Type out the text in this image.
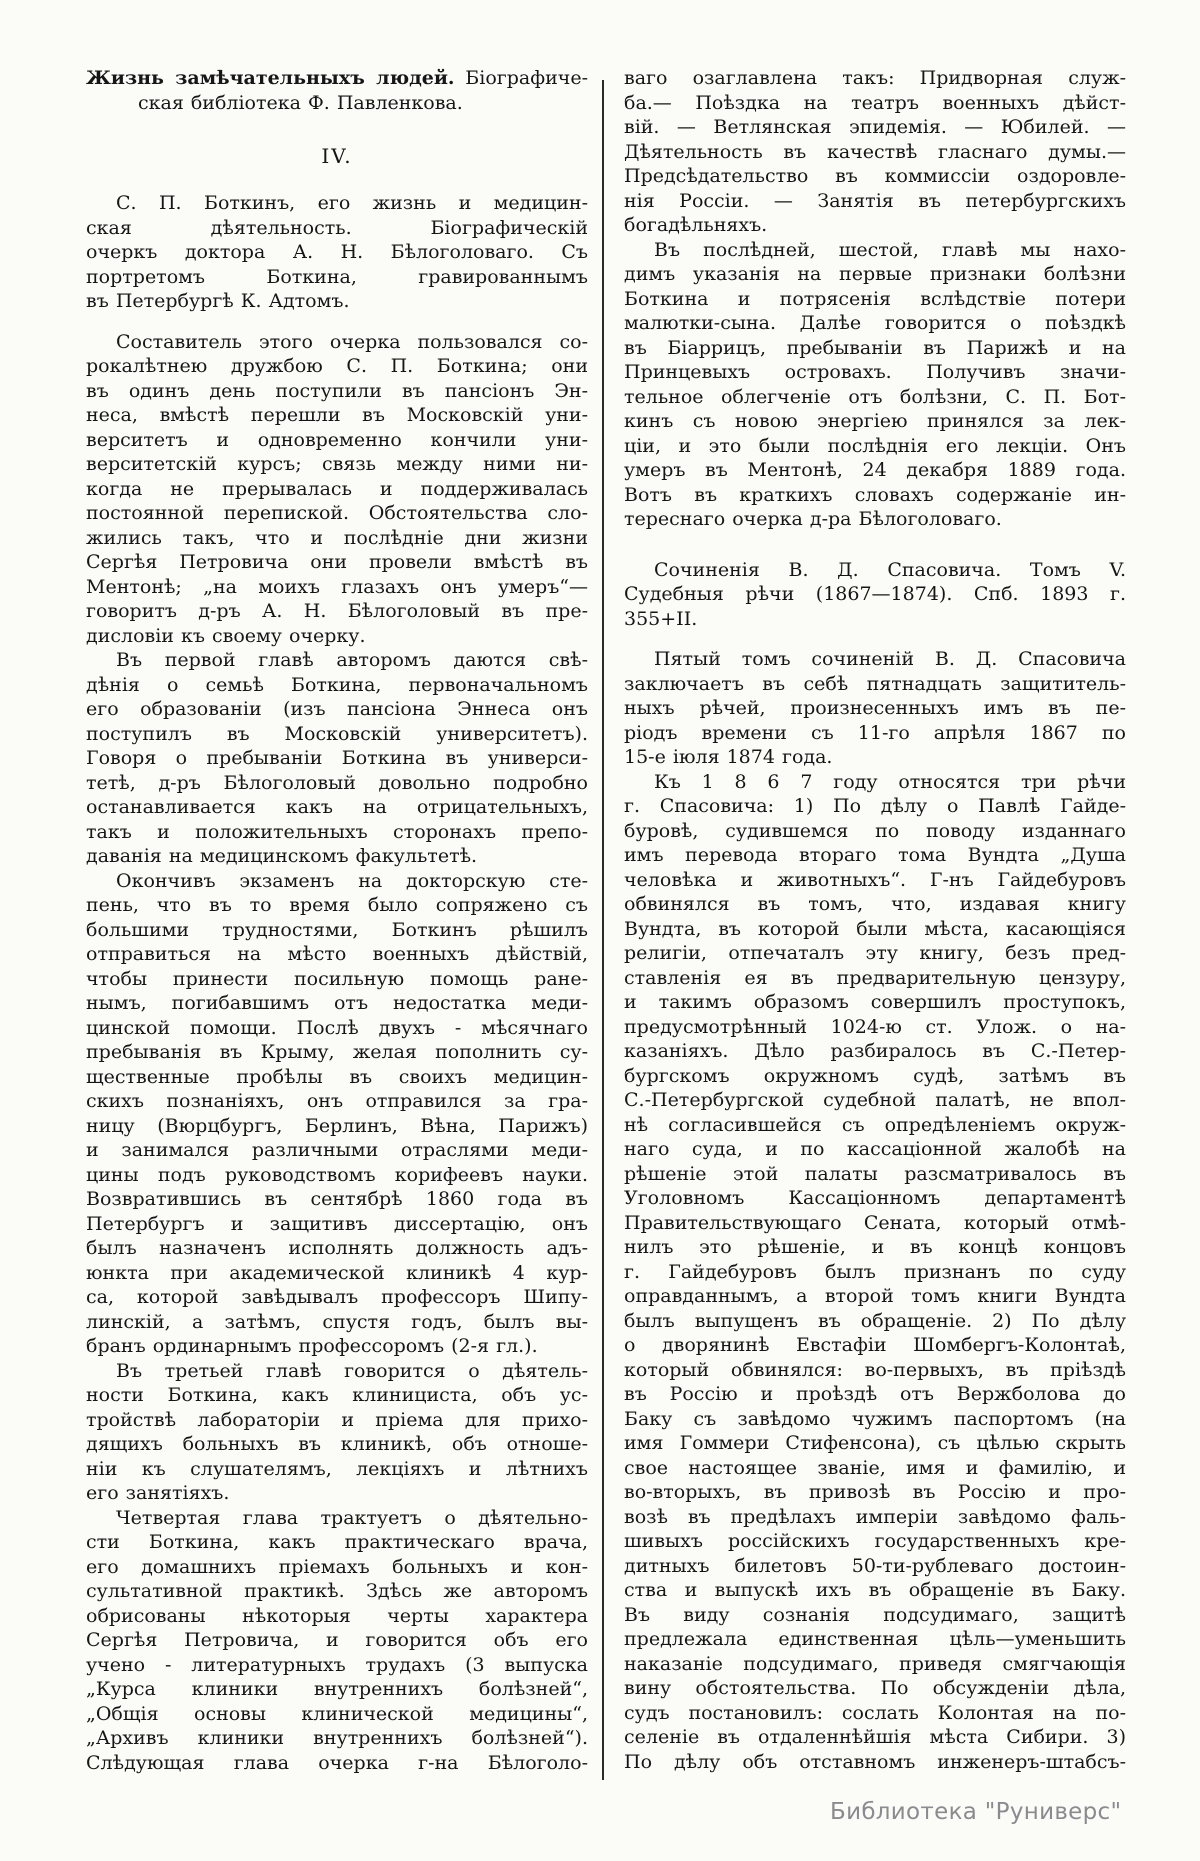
Жизнь замѣчательныхъ людей. Біографиче-
ская библіотека Ф. Павленкова.
IV.
С. П. Боткинъ, его жизнь и медицин-
ская дѣятельность. Біографическій
очеркъ доктора А. Н. Бѣлоголоваго. Съ
портретомъ Боткина, гравированнымъ
въ Петербургѣ К. Адтомъ.
Составитель этого очерка пользовался со-
рокалѣтнею дружбою С. П. Боткина; они
въ одинъ день поступили въ пансіонъ Эн-
неса, вмѣстѣ перешли въ Московскій уни-
верситетъ и одновременно кончили уни-
верситетскій курсъ; связь между ними ни-
когда не прерывалась и поддерживалась
постоянной перепиской. Обстоятельства сло-
жились такъ, что и послѣдніе дни жизни
Сергѣя Петровича они провели вмѣстѣ въ
Ментонѣ; „на моихъ глазахъ онъ умеръ“—
говоритъ д-ръ А. Н. Бѣлоголовый въ пре-
дисловіи къ своему очерку.
Въ первой главѣ авторомъ даются свѣ-
дѣнія о семьѣ Боткина, первоначальномъ
его образованіи (изъ пансіона Эннеса онъ
поступилъ въ Московскій университетъ).
Говоря о пребываніи Боткина въ универси-
тетѣ, д-ръ Бѣлоголовый довольно подробно
останавливается какъ на отрицательныхъ,
такъ и положительныхъ сторонахъ препо-
даванія на медицинскомъ факультетѣ.
Окончивъ экзаменъ на докторскую сте-
пень, что въ то время было сопряжено съ
большими трудностями, Боткинъ рѣшилъ
отправиться на мѣсто военныхъ дѣйствій,
чтобы принести посильную помощь ране-
нымъ, погибавшимъ отъ недостатка меди-
цинской помощи. Послѣ двухъ - мѣсячнаго
пребыванія въ Крыму, желая пополнить су-
щественные пробѣлы въ своихъ медицин-
скихъ познаніяхъ, онъ отправился за гра-
ницу (Вюрцбургъ, Берлинъ, Вѣна, Парижъ)
и занимался различными отраслями меди-
цины подъ руководствомъ корифеевъ науки.
Возвратившись въ сентябрѣ 1860 года въ
Петербургъ и защитивъ диссертацію, онъ
былъ назначенъ исполнять должность адъ-
юнкта при академической клиникѣ 4 кур-
са, которой завѣдывалъ профессоръ Шипу-
линскій, а затѣмъ, спустя годъ, былъ вы-
бранъ ординарнымъ профессоромъ (2-я гл.).
Въ третьей главѣ говорится о дѣятель-
ности Боткина, какъ клинициста, объ ус-
тройствѣ лабораторіи и пріема для прихо-
дящихъ больныхъ въ клиникѣ, объ отноше-
ніи къ слушателямъ, лекціяхъ и лѣтнихъ
его занятіяхъ.
Четвертая глава трактуетъ о дѣятельно-
сти Боткина, какъ практическаго врача,
его домашнихъ пріемахъ больныхъ и кон-
сультативной практикѣ. Здѣсь же авторомъ
обрисованы нѣкоторыя черты характера
Сергѣя Петровича, и говорится объ его
учено - литературныхъ трудахъ (3 выпуска
„Курса клиники внутреннихъ болѣзней“,
„Общія основы клинической медицины“,
„Архивъ клиники внутреннихъ болѣзней“).
Слѣдующая глава очерка г-на Бѣлоголо-
ваго озаглавлена такъ: Придворная служ-
ба.— Поѣздка на театръ военныхъ дѣйст-
вій. — Ветлянская эпидемія. — Юбилей. —
Дѣятельность въ качествѣ гласнаго думы.—
Предсѣдательство въ коммиссіи оздоровле-
нія Россіи. — Занятія въ петербургскихъ
богадѣльняхъ.
Въ послѣдней, шестой, главѣ мы нахо-
димъ указанія на первые признаки болѣзни
Боткина и потрясенія вслѣдствіе потери
малютки-сына. Далѣе говорится о поѣздкѣ
въ Біаррицъ, пребываніи въ Парижѣ и на
Принцевыхъ островахъ. Получивъ значи-
тельное облегченіе отъ болѣзни, С. П. Бот-
кинъ съ новою энергіею принялся за лек-
ціи, и это были послѣднія его лекціи. Онъ
умеръ въ Ментонѣ, 24 декабря 1889 года.
Вотъ въ краткихъ словахъ содержаніе ин-
тереснаго очерка д-ра Бѣлоголоваго.
Сочиненія В. Д. Спасовича. Томъ V.
Судебныя рѣчи (1867—1874). Спб. 1893 г.
355+II.
Пятый томъ сочиненій В. Д. Спасовича
заключаетъ въ себѣ пятнадцать защититель-
ныхъ рѣчей, произнесенныхъ имъ въ пе-
ріодъ времени съ 11-го апрѣля 1867 по
15-е іюля 1874 года.
Къ 1 8 6 7 году относятся три рѣчи
г. Спасовича: 1) По дѣлу о Павлѣ Гайде-
буровѣ, судившемся по поводу изданнаго
имъ перевода втораго тома Вундта „Душа
человѣка и животныхъ“. Г-нъ Гайдебуровъ
обвинялся въ томъ, что, издавая книгу
Вундта, въ которой были мѣста, касающіяся
религіи, отпечаталъ эту книгу, безъ пред-
ставленія ея въ предварительную цензуру,
и такимъ образомъ совершилъ проступокъ,
предусмотрѣнный 1024-ю ст. Улож. о на-
казаніяхъ. Дѣло разбиралось въ С.-Петер-
бургскомъ окружномъ судѣ, затѣмъ въ
С.-Петербургской судебной палатѣ, не впол-
нѣ согласившейся съ опредѣленіемъ окруж-
наго суда, и по кассаціонной жалобѣ на
рѣшеніе этой палаты разсматривалось въ
Уголовномъ Кассаціонномъ департаментѣ
Правительствующаго Сената, который отмѣ-
нилъ это рѣшеніе, и въ концѣ концовъ
г. Гайдебуровъ былъ признанъ по суду
оправданнымъ, а второй томъ книги Вундта
былъ выпущенъ въ обращеніе. 2) По дѣлу
о дворянинѣ Евстафіи Шомбергъ-Колонтаѣ,
который обвинялся: во-первыхъ, въ пріѣздѣ
въ Россію и проѣздѣ отъ Вержболова до
Баку съ завѣдомо чужимъ паспортомъ (на
имя Гоммери Стифенсона), съ цѣлью скрыть
свое настоящее званіе, имя и фамилію, и
во-вторыхъ, въ привозѣ въ Россію и про-
возѣ въ предѣлахъ имперіи завѣдомо фаль-
шивыхъ россійскихъ государственныхъ кре-
дитныхъ билетовъ 50-ти-рублеваго достоин-
ства и выпускѣ ихъ въ обращеніе въ Баку.
Въ виду сознанія подсудимаго, защитѣ
предлежала единственная цѣль—уменьшить
наказаніе подсудимаго, приведя смягчающія
вину обстоятельства. По обсужденіи дѣла,
судъ постановилъ: сослать Колонтая на по-
селеніе въ отдаленнѣйшія мѣста Сибири. 3)
По дѣлу объ отставномъ инженеръ-штабсъ-
Библиотека "Руниверс"
